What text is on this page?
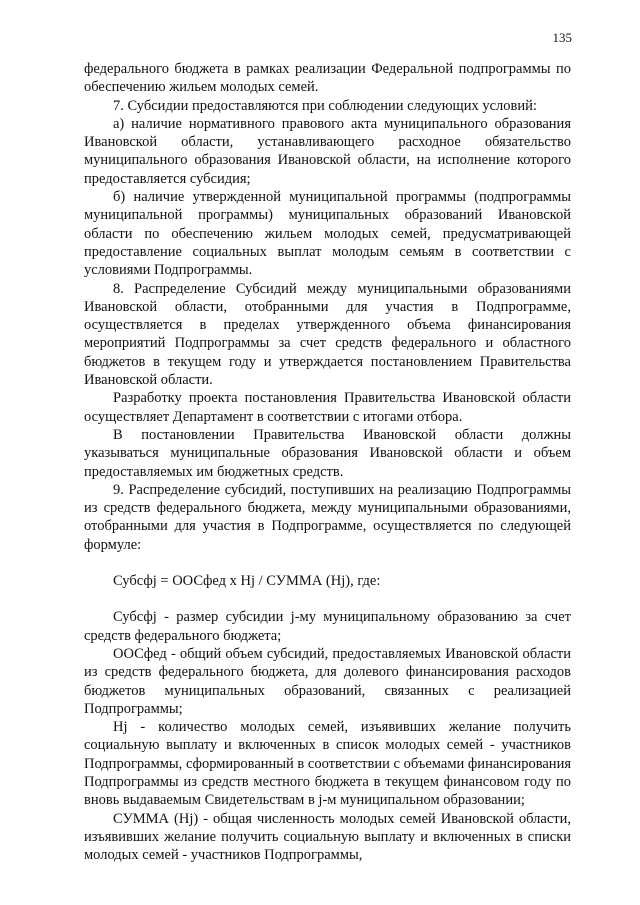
135

федерального бюджета в рамках реализации Федеральной подпрограммы по обеспечению жильем молодых семей.

7. Субсидии предоставляются при соблюдении следующих условий:

а) наличие нормативного правового акта муниципального образования Ивановской области, устанавливающего расходное обязательство муниципального образования Ивановской области, на исполнение которого предоставляется субсидия;

б) наличие утвержденной муниципальной программы (подпрограммы муниципальной программы) муниципальных образований Ивановской области по обеспечению жильем молодых семей, предусматривающей предоставление социальных выплат молодым семьям в соответствии с условиями Подпрограммы.

8. Распределение Субсидий между муниципальными образованиями Ивановской области, отобранными для участия в Подпрограмме, осуществляется в пределах утвержденного объема финансирования мероприятий Подпрограммы за счет средств федерального и областного бюджетов в текущем году и утверждается постановлением Правительства Ивановской области.

Разработку проекта постановления Правительства Ивановской области осуществляет Департамент в соответствии с итогами отбора.

В постановлении Правительства Ивановской области должны указываться муниципальные образования Ивановской области и объем предоставляемых им бюджетных средств.

9. Распределение субсидий, поступивших на реализацию Подпрограммы из средств федерального бюджета, между муниципальными образованиями, отобранными для участия в Подпрограмме, осуществляется по следующей формуле:

Субсфj = ООСфед x Нj / СУММА (Нj), где:

Субсфj - размер субсидии j-му муниципальному образованию за счет средств федерального бюджета;

ООСфед - общий объем субсидий, предоставляемых Ивановской области из средств федерального бюджета, для долевого финансирования расходов бюджетов муниципальных образований, связанных с реализацией Подпрограммы;

Нj - количество молодых семей, изъявивших желание получить социальную выплату и включенных в список молодых семей - участников Подпрограммы, сформированный в соответствии с объемами финансирования Подпрограммы из средств местного бюджета в текущем финансовом году по вновь выдаваемым Свидетельствам в j-м муниципальном образовании;

СУММА (Нj) - общая численность молодых семей Ивановской области, изъявивших желание получить социальную выплату и включенных в списки молодых семей - участников Подпрограммы,
